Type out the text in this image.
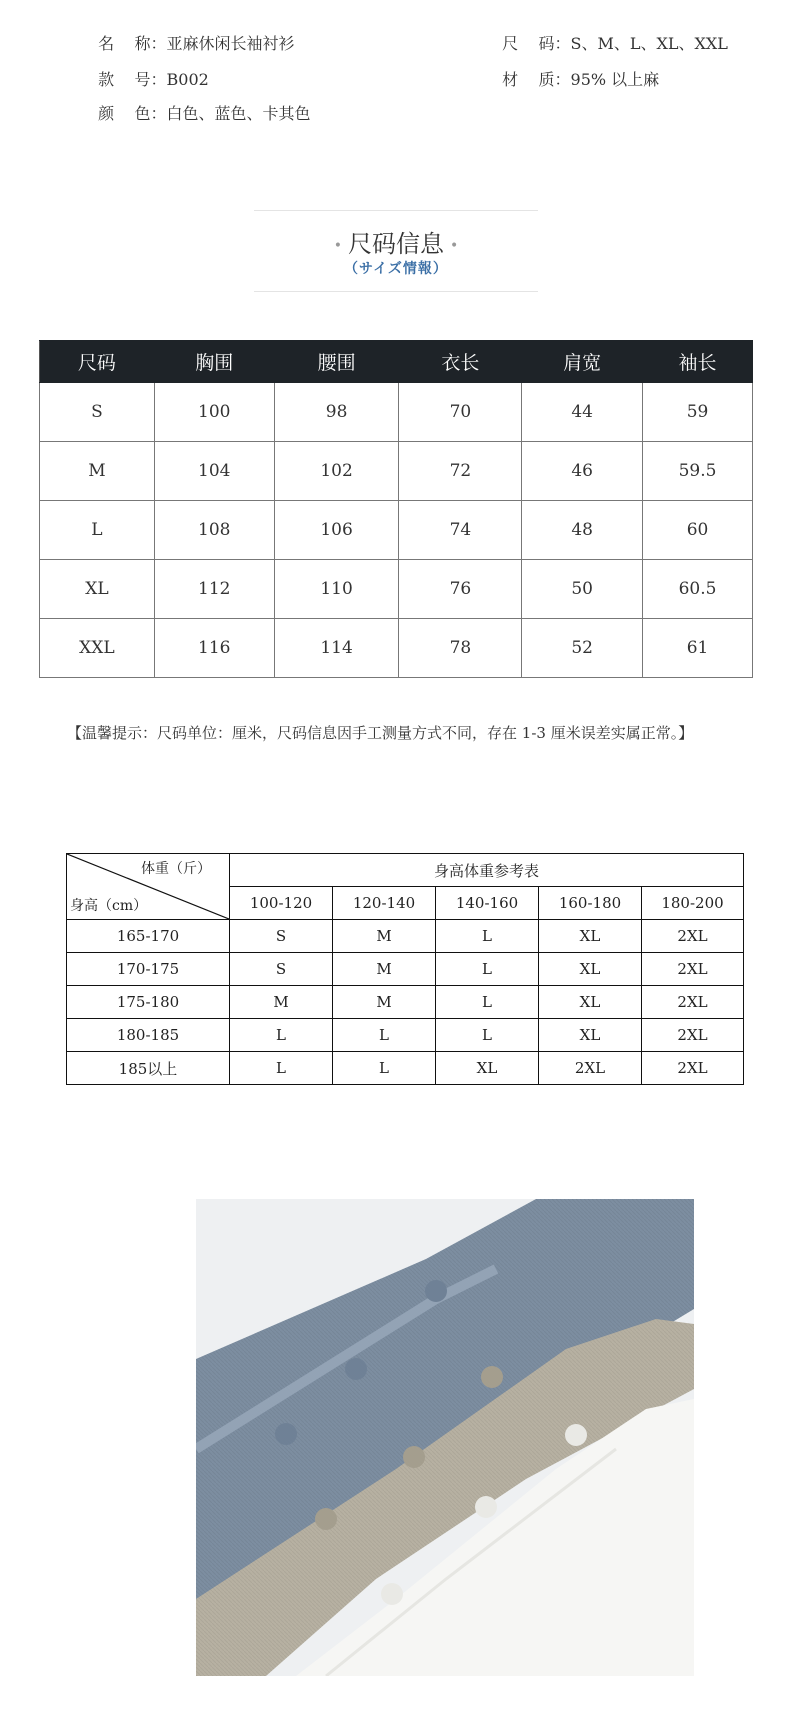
名    称：亚麻休闲长袖衬衫

款    号：B002

颜    色：白色、蓝色、卡其色

尺    码：S、M、L、XL、XXL

材    质：95% 以上麻

• 尺码信息 •
（サイズ情報）
尺码	胸围	腰围	衣长	肩宽	袖长
S	100	98	70	44	59
M	104	102	72	46	59.5
L	108	106	74	48	60
XL	112	110	76	50	60.5
XXL	116	114	78	52	61
【温馨提示：尺码单位：厘米，尺码信息因手工测量方式不同，存在 1-3 厘米误差实属正常。】
体重（斤）
身高（cm）	身高体重参考表				
	100-120	120-140	140-160	160-180	180-200
165-170	S	M	L	XL	2XL
170-175	S	M	L	XL	2XL
175-180	M	M	L	XL	2XL
180-185	L	L	L	XL	2XL
185以上	L	L	XL	2XL	2XL
